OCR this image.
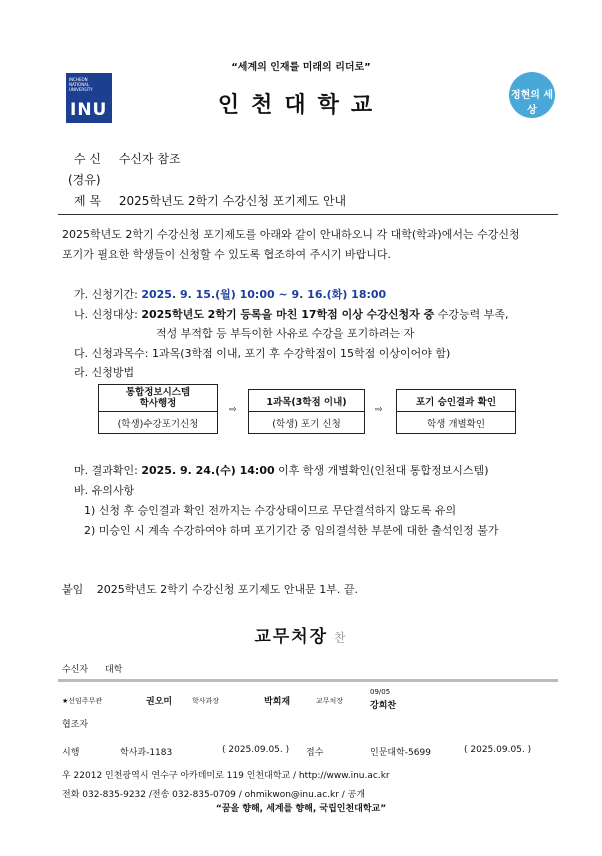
“세계의 인재를 미래의 리더로”
INCHEON NATIONAL UNIVERSITY
INU	인천대학교	정현의 세상
수 신 수신자 참조
(경유)
제 목 2025학년도 2학기 수강신청 포기제도 안내
2025학년도 2학기 수강신청 포기제도를 아래와 같이 안내하오니 각 대학(학과)에서는 수강신청
포기가 필요한 학생들이 신청할 수 있도록 협조하여 주시기 바랍니다.
가. 신청기간: 2025. 9. 15.(월) 10:00 ~ 9. 16.(화) 18:00
나. 신청대상: 2025학년도 2학기 등록을 마친 17학점 이상 수강신청자 중 수강능력 부족,
적성 부적합 등 부득이한 사유로 수강을 포기하려는 자
다. 신청과목수: 1과목(3학점 이내, 포기 후 수강학점이 15학점 이상이어야 함)
라. 신청방법
통합정보시스템
학사행정
(학생)수강포기신청
⇨
1과목(3학점 이내)
(학생) 포기 신청
⇨
포기 승인결과 확인
학생 개별확인
마. 결과확인: 2025. 9. 24.(수) 14:00 이후 학생 개별확인(인천대 통합정보시스템)
바. 유의사항
1) 신청 후 승인결과 확인 전까지는 수강상태이므로 무단결석하지 않도록 유의
2) 미승인 시 계속 수강하여야 하며 포기기간 중 임의결석한 부분에 대한 출석인정 불가
붙임 2025학년도 2학기 수강신청 포기제도 안내문 1부. 끝.
교무처장 찬
수신자 대학
★선임주무관	권오미	학사과장	박희재	교무처장
09/05
강희찬
협조자
시행	학사과-1183	( 2025.09.05. ) 접수	인문대학-5699	( 2025.09.05. )
우 22012 인천광역시 연수구 아카데미로 119 인천대학교 / http://www.inu.ac.kr
전화 032-835-9232 /전송 032-835-0709 / ohmikwon@inu.ac.kr / 공개
“꿈을 향해, 세계를 향해, 국립인천대학교”
